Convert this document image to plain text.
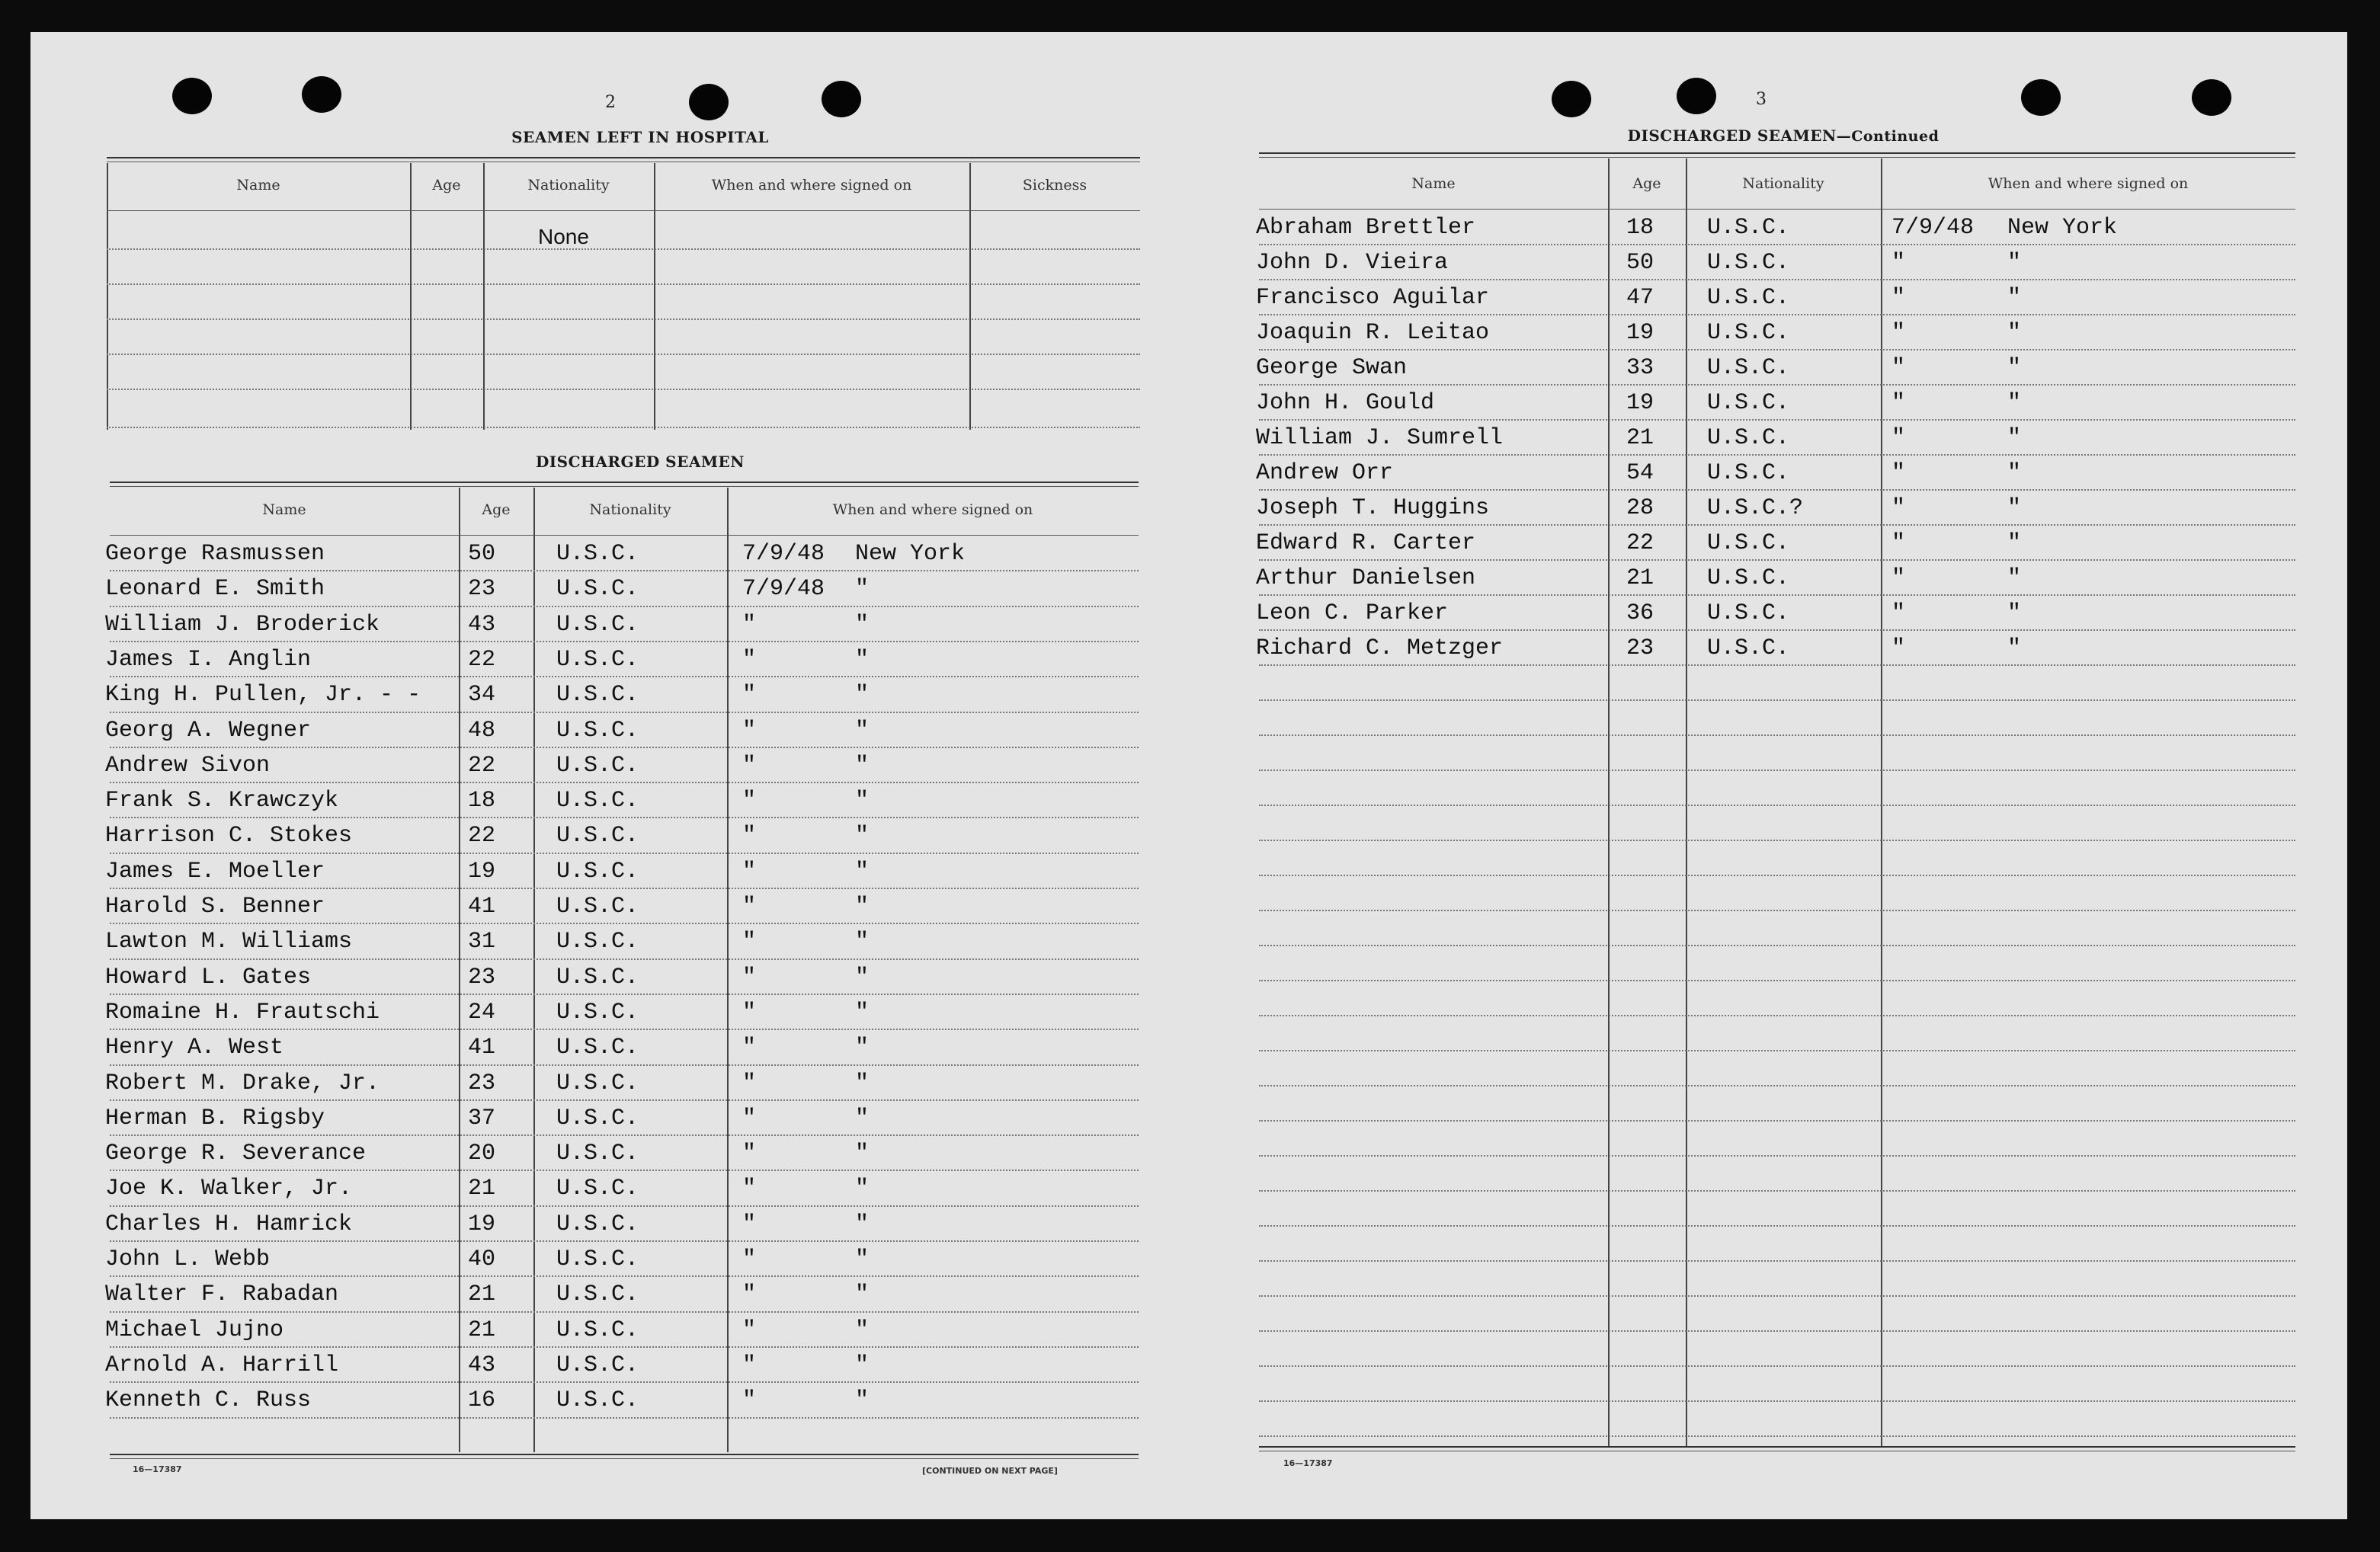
2
SEAMEN LEFT IN HOSPITAL
Name	Age	Nationality	When and where signed on	Sickness
None
DISCHARGED SEAMEN
Name	Age	Nationality	When and where signed on
George Rasmussen	50	U.S.C.	7/9/48 New York
Leonard E. Smith	23	U.S.C.	7/9/48 "
William J. Broderick	43	U.S.C.	"	"
James I. Anglin	22	U.S.C.	"	"
King H. Pullen, Jr. - - 34	U.S.C.	"	"
Georg A. Wegner	48	U.S.C.	"	"
Andrew Sivon	22	U.S.C.	"	"
Frank S. Krawczyk	18	U.S.C.	"	"
Harrison C. Stokes	22	U.S.C.	"	"
James E. Moeller	19	U.S.C.	"	"
Harold S. Benner	41	U.S.C.	"	"
Lawton M. Williams	31	U.S.C.	"	"
Howard L. Gates	23	U.S.C.	"	"
Romaine H. Frautschi	24	U.S.C.	"	"
Henry A. West	41	U.S.C.	"	"
Robert M. Drake, Jr.	23	U.S.C.	"	"
Herman B. Rigsby	37	U.S.C.	"	"
George R. Severance	20	U.S.C.	"	"
Joe K. Walker, Jr.	21	U.S.C.	"	"
Charles H. Hamrick	19	U.S.C.	"	"
John L. Webb	40	U.S.C.	"	"
Walter F. Rabadan	21	U.S.C.	"	"
Michael Jujno	21	U.S.C.	"	"
Arnold A. Harrill	43	U.S.C.	"	"
Kenneth C. Russ	16	U.S.C.	"	"
16—17387	[CONTINUED ON NEXT PAGE]
3
DISCHARGED SEAMEN—Continued
Name	Age	Nationality	When and where signed on
Abraham Brettler	18 U.S.C.	7/9/48 New York
John D. Vieira	50 U.S.C.	"	"
Francisco Aguilar	47 U.S.C.	"	"
Joaquin R. Leitao	19 U.S.C.	"	"
George Swan	33 U.S.C.	"	"
John H. Gould	19 U.S.C.	"	"
William J. Sumrell	21 U.S.C.	"	"
Andrew Orr	54 U.S.C.	"	"
Joseph T. Huggins	28 U.S.C.?	"	"
Edward R. Carter	22 U.S.C.	"	"
Arthur Danielsen	21 U.S.C.	"	"
Leon C. Parker	36 U.S.C.	"	"
Richard C. Metzger	23 U.S.C.	"	"
16—17387
